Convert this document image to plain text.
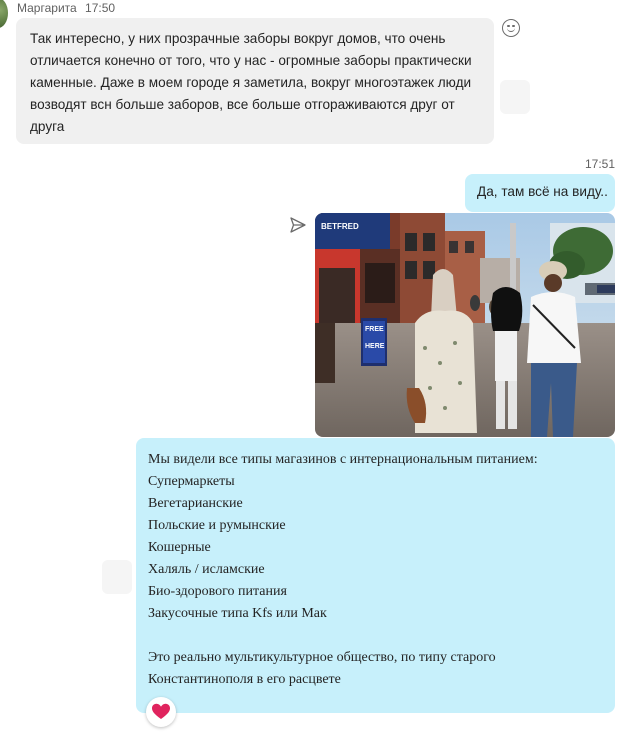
Маргарита 17:50

Так интересно, у них прозрачные заборы вокруг домов, что очень

отличается конечно от того, что у нас - огромные заборы практически

каменные. Даже в моем городе я заметила, вокруг многоэтажек люди

возводят всн больше заборов, все больше отгораживаются друг от

друга

17:51
Да, там всё на виду..
BETFRED
FREE
HERE
Мы видели все типы магазинов с интернациональным питанием:
Супермаркеты
Вегетарианские
Польские и румынские
Кошерные
Халяль / исламские
Био-здорового питания
Закусочные типа Kfs или Мак
Это реально мультикультурное общество, по типу старого
Константинополя в его расцвете
